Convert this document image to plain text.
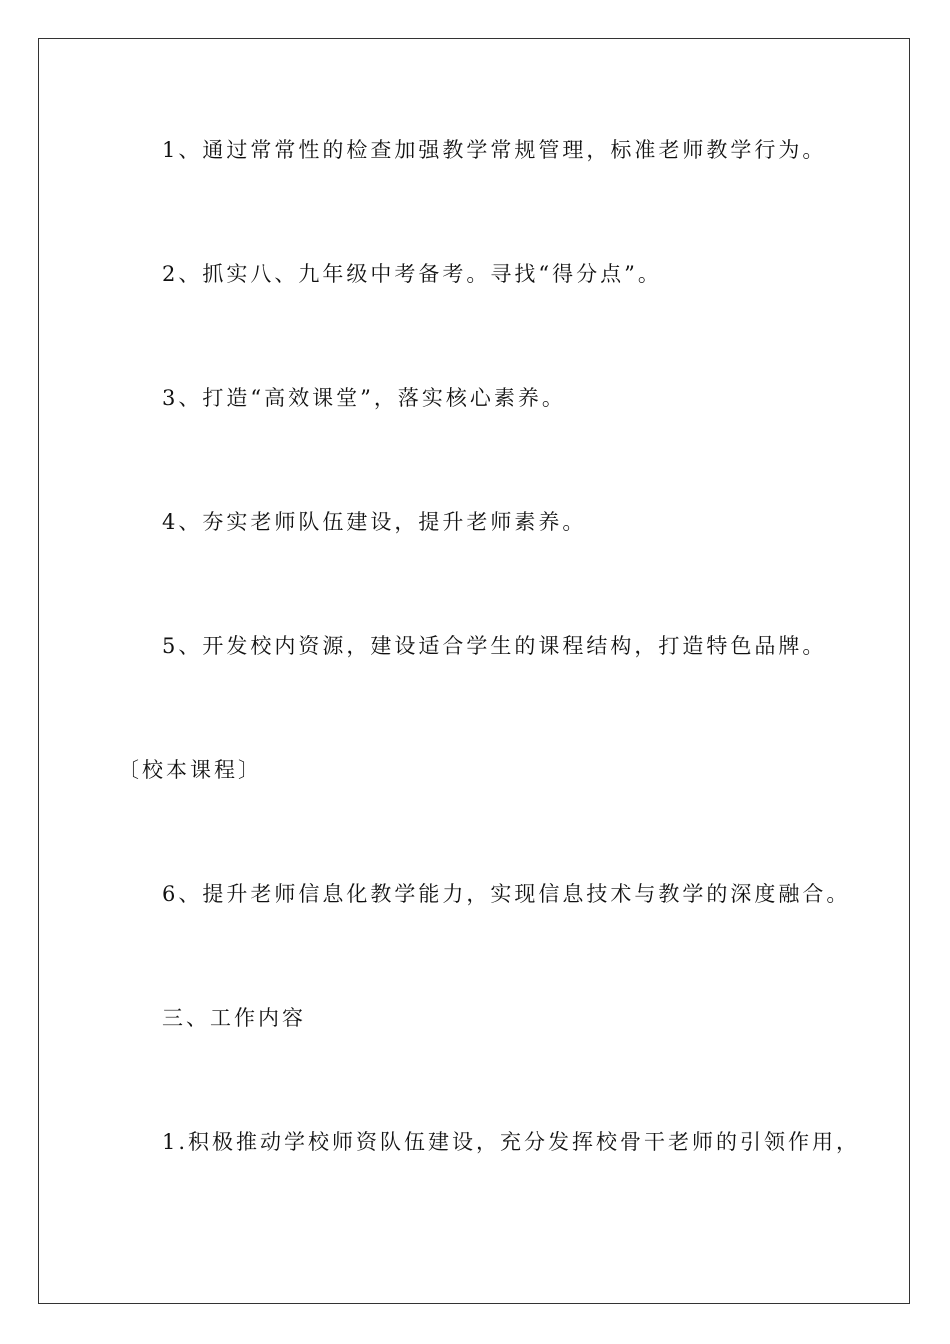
1、通过常常性的检查加强教学常规管理，标准老师教学行为。
2、抓实八、九年级中考备考。寻找“得分点”。
3、打造“高效课堂”，落实核心素养。
4、夯实老师队伍建设，提升老师素养。
5、开发校内资源，建设适合学生的课程结构，打造特色品牌。
〔校本课程〕
6、提升老师信息化教学能力，实现信息技术与教学的深度融合。
三、工作内容
1.积极推动学校师资队伍建设，充分发挥校骨干老师的引领作用，
